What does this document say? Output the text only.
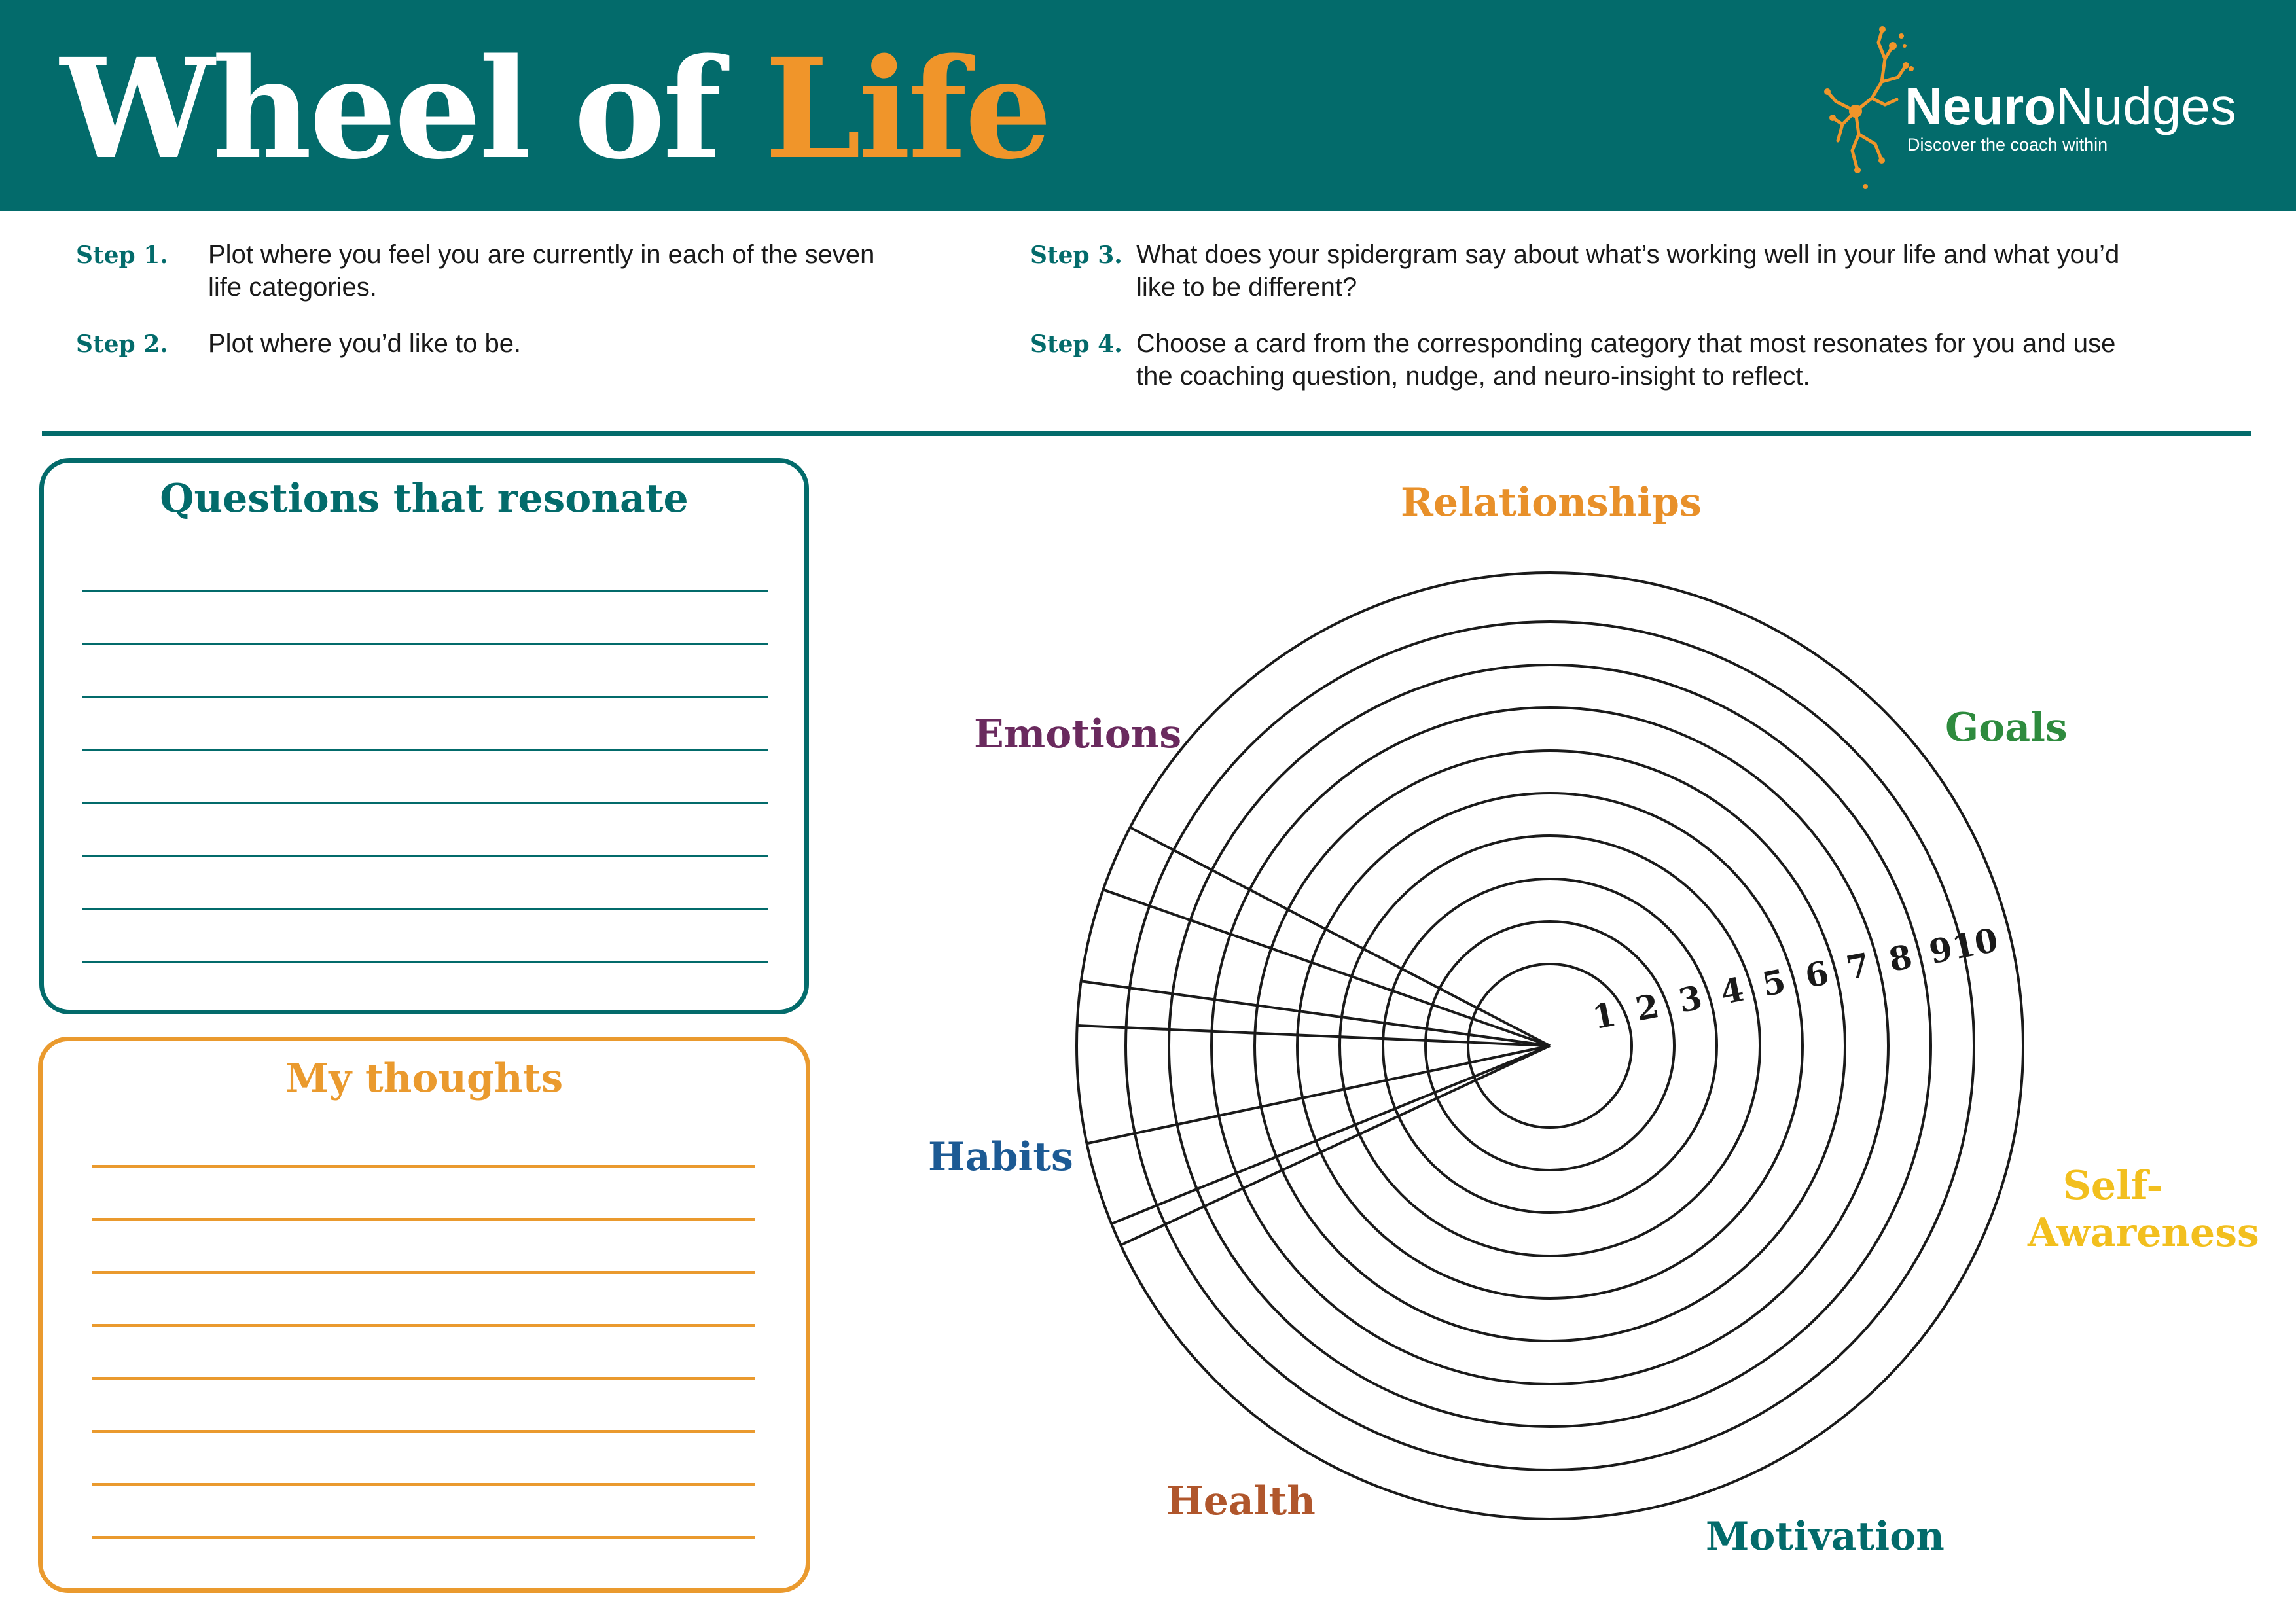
Wheel of Life	NeuroNudges
Discover the coach within
Step 1. Plot where you feel you are currently in each of the seven life categories.
Step 2. Plot where you’d like to be.
Step 3. What does your spidergram say about what’s working well in your life and what you’d like to be different?
Step 4. Choose a card from the corresponding category that most resonates for you and use the coaching question, nudge, and neuro-insight to reflect.
Questions that resonate
My thoughts
1 2 3 4 5 6 7 8 9
10
Relationships
Goals
Self-
Awareness
Motivation
Health
Habits
Emotions
